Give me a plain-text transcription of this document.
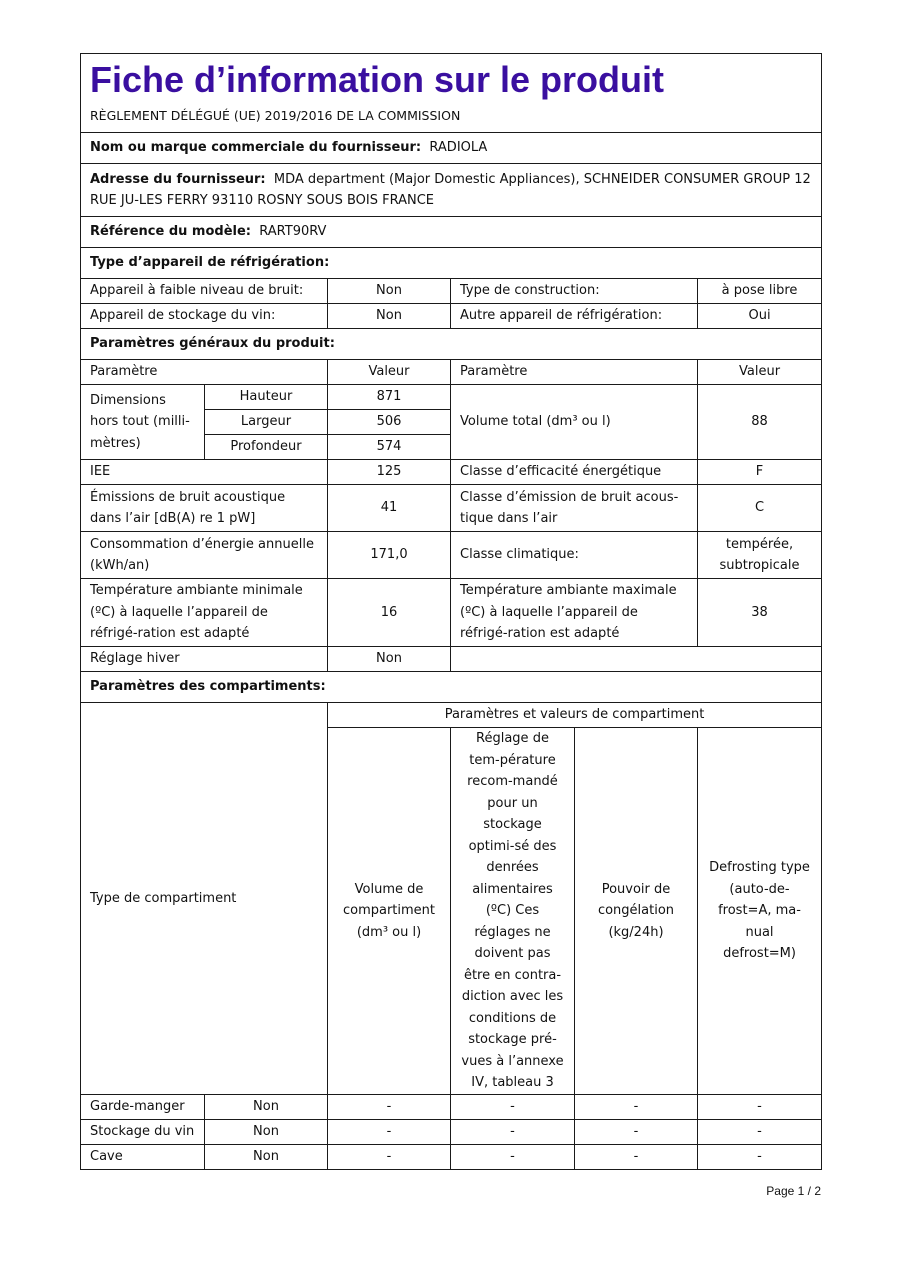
Fiche d’information sur le produit
RÈGLEMENT DÉLÉGUÉ (UE) 2019/2016 DE LA COMMISSION					

Nom ou marque commerciale du fournisseur: RADIOLA					
Adresse du fournisseur: MDA department (Major Domestic Appliances), SCHNEIDER CONSUMER GROUP 12 RUE JU-LES FERRY 93110 ROSNY SOUS BOIS FRANCE					
Référence du modèle: RART90RV					
Type d’appareil de réfrigération:					
Appareil à faible niveau de bruit:		Non	Type de construction:		à pose libre
Appareil de stockage du vin:		Non	Autre appareil de réfrigération:		Oui
Paramètres généraux du produit:					
Paramètre		Valeur	Paramètre		Valeur
Dimensions hors tout (milli-mètres)	Hauteur	871	Volume total (dm³ ou l)		88
	Largeur	506			
	Profondeur	574			
IEE		125	Classe d’efficacité énergétique		F
Émissions de bruit acoustique dans l’air [dB(A) re 1 pW]		41	Classe d’émission de bruit acous-tique dans l’air		C
Consommation d’énergie annuelle (kWh/an)		171,0	Classe climatique:		tempérée, subtropicale
Température ambiante minimale (ºC) à laquelle l’appareil de réfrigé-ration est adapté		16	Température ambiante maximale (ºC) à laquelle l’appareil de réfrigé-ration est adapté		38
Réglage hiver		Non			
Paramètres des compartiments:					
Type de compartiment		Paramètres et valeurs de compartiment			
		Volume de compartiment (dm³ ou l)	Réglage de tem-pérature recom-mandé pour un stockage optimi-sé des denrées alimentaires (ºC) Ces réglages ne doivent pas être en contra-diction avec les conditions de stockage pré-vues à l’annexe IV, tableau 3	Pouvoir de congélation (kg/24h)	Defrosting type (auto-de-frost=A, ma-nual defrost=M)
Garde-manger	Non	-	-	-	-
Stockage du vin	Non	-	-	-	-
Cave	Non	-	-	-	-
Page 1 / 2
